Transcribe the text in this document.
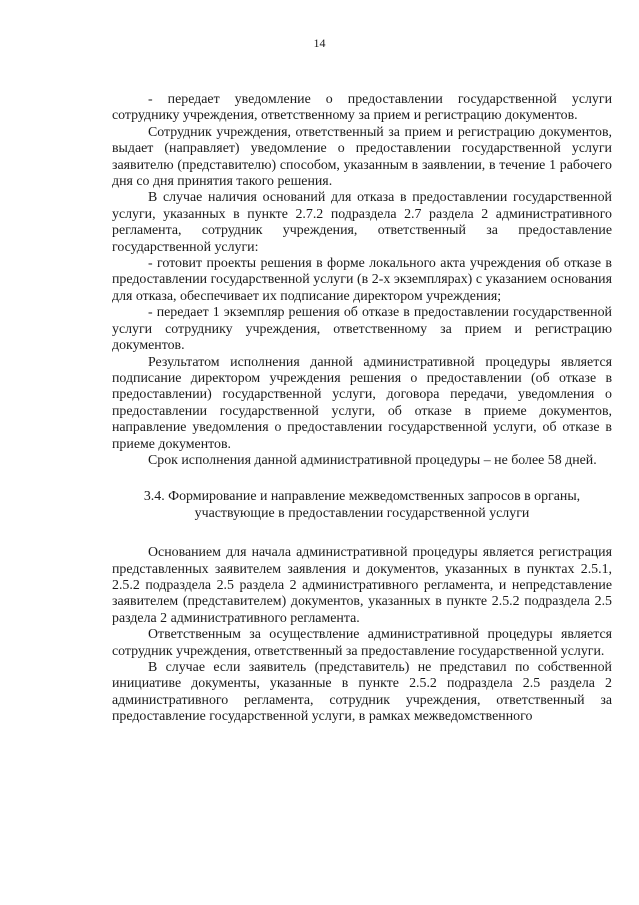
14

- передает уведомление о предоставлении государственной услуги сотруднику учреждения, ответственному за прием и регистрацию документов.

Сотрудник учреждения, ответственный за прием и регистрацию документов, выдает (направляет) уведомление о предоставлении государственной услуги заявителю (представителю) способом, указанным в заявлении, в течение 1 рабочего дня со дня принятия такого решения.

В случае наличия оснований для отказа в предоставлении государственной услуги, указанных в пункте 2.7.2 подраздела 2.7 раздела 2 административного регламента, сотрудник учреждения, ответственный за предоставление государственной услуги:

- готовит проекты решения в форме локального акта учреждения об отказе в предоставлении государственной услуги (в 2-х экземплярах) с указанием основания для отказа, обеспечивает их подписание директором учреждения;

- передает 1 экземпляр решения об отказе в предоставлении государственной услуги сотруднику учреждения, ответственному за прием и регистрацию документов.

Результатом исполнения данной административной процедуры является подписание директором учреждения решения о предоставлении (об отказе в предоставлении) государственной услуги, договора передачи, уведомления о предоставлении государственной услуги, об отказе в приеме документов, направление уведомления о предоставлении государственной услуги, об отказе в приеме документов.

Срок исполнения данной административной процедуры – не более 58 дней.

3.4. Формирование и направление межведомственных запросов в органы, участвующие в предоставлении государственной услуги

Основанием для начала административной процедуры является регистрация представленных заявителем заявления и документов, указанных в пунктах 2.5.1, 2.5.2 подраздела 2.5 раздела 2 административного регламента, и непредставление заявителем (представителем) документов, указанных в пункте 2.5.2 подраздела 2.5 раздела 2 административного регламента.

Ответственным за осуществление административной процедуры является сотрудник учреждения, ответственный за предоставление государственной услуги.

В случае если заявитель (представитель) не представил по собственной инициативе документы, указанные в пункте 2.5.2 подраздела 2.5 раздела 2 административного регламента, сотрудник учреждения, ответственный за предоставление государственной услуги, в рамках межведомственного
